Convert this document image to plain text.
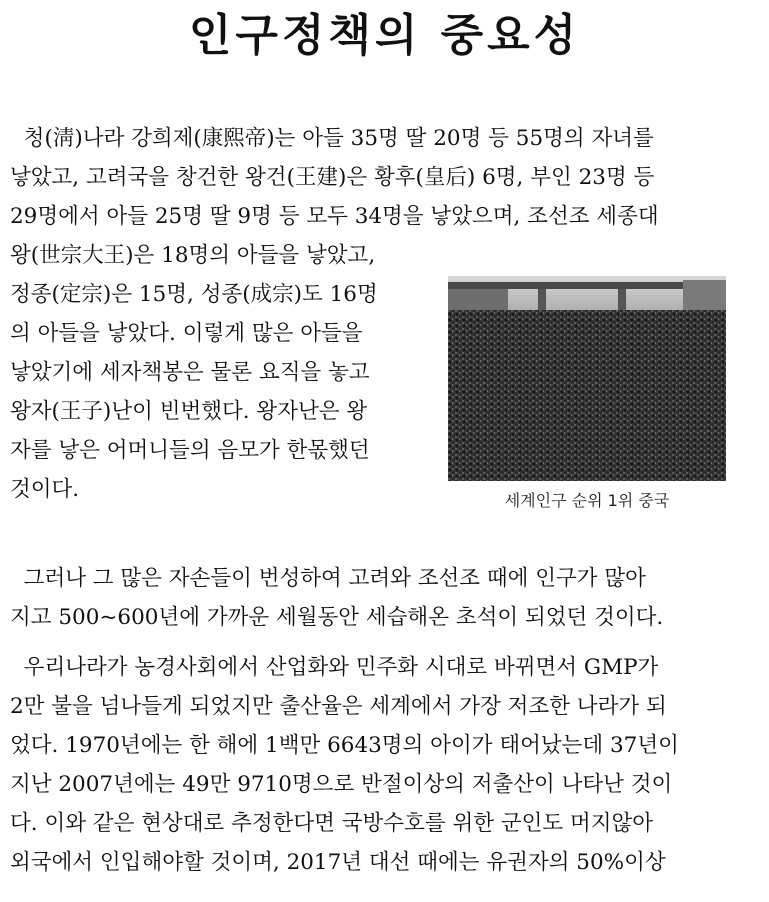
인구정책의 중요성
청(淸)나라 강희제(康熙帝)는 아들 35명 딸 20명 등 55명의 자녀를
낳았고, 고려국을 창건한 왕건(王建)은 황후(皇后) 6명, 부인 23명 등
29명에서 아들 25명 딸 9명 등 모두 34명을 낳았으며, 조선조 세종대
왕(世宗大王)은 18명의 아들을 낳았고,
정종(定宗)은 15명, 성종(成宗)도 16명
의 아들을 낳았다. 이렇게 많은 아들을
낳았기에 세자책봉은 물론 요직을 놓고
왕자(王子)난이 빈번했다. 왕자난은 왕
자를 낳은 어머니들의 음모가 한몫했던
것이다.
그러나 그 많은 자손들이 번성하여 고려와 조선조 때에 인구가 많아
지고 500~600년에 가까운 세월동안 세습해온 초석이 되었던 것이다.
우리나라가 농경사회에서 산업화와 민주화 시대로 바뀌면서 GMP가
2만 불을 넘나들게 되었지만 출산율은 세계에서 가장 저조한 나라가 되
었다. 1970년에는 한 해에 1백만 6643명의 아이가 태어났는데 37년이
지난 2007년에는 49만 9710명으로 반절이상의 저출산이 나타난 것이
다. 이와 같은 현상대로 추정한다면 국방수호를 위한 군인도 머지않아
외국에서 인입해야할 것이며, 2017년 대선 때에는 유권자의 50%이상
세계인구 순위 1위 중국
